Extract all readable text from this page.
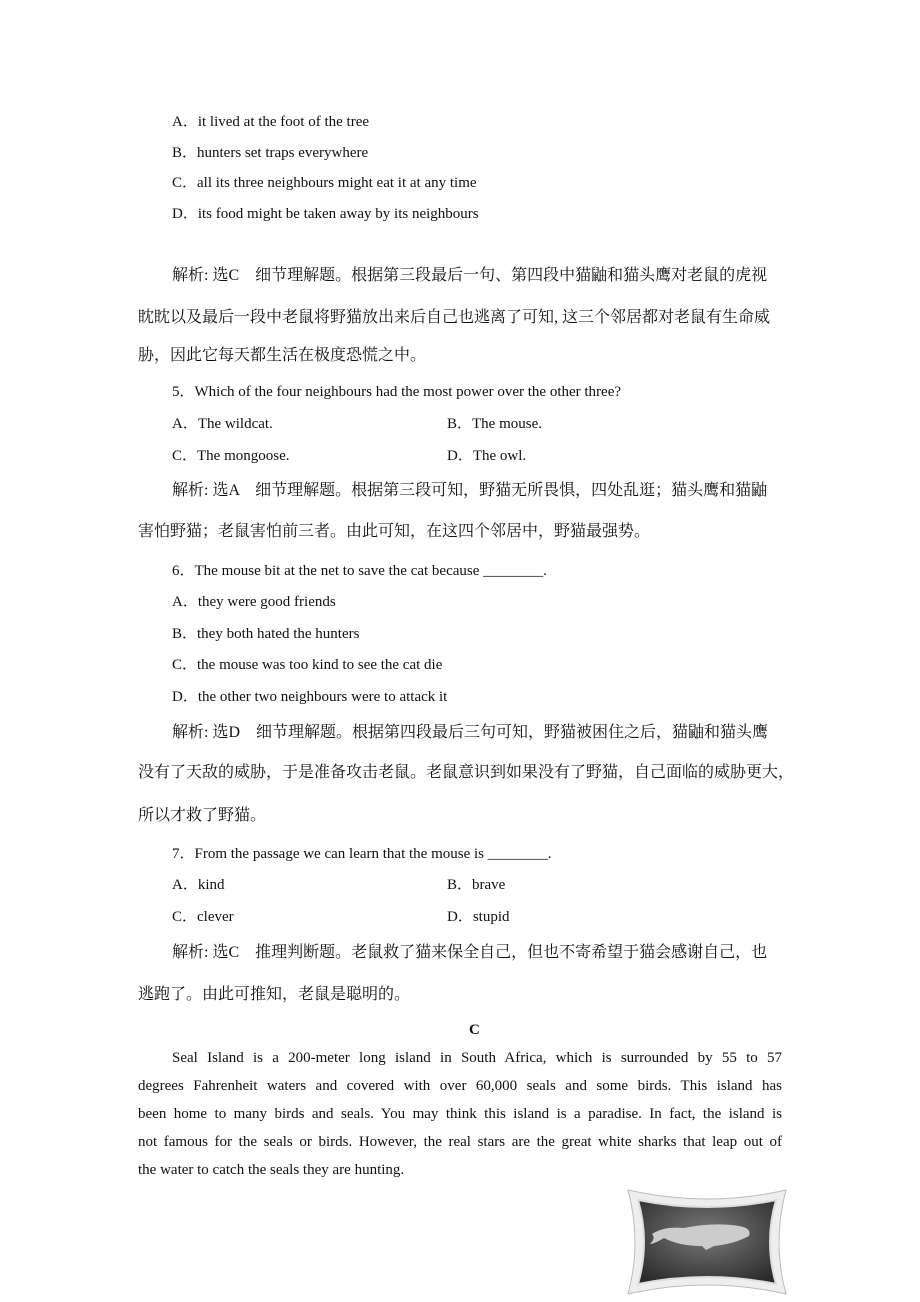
A．it lived at the foot of the tree
B．hunters set traps everywhere
C．all its three neighbours might eat it at any time
D．its food might be taken away by its neighbours
解析: 选C　细节理解题。根据第三段最后一句、第四段中猫鼬和猫头鹰对老鼠的虎视
眈眈以及最后一段中老鼠将野猫放出来后自己也逃离了可知, 这三个邻居都对老鼠有生命威
胁，因此它每天都生活在极度恐慌之中。
5．Which of the four neighbours had the most power over the other three?
A．The wildcat.	B．The mouse.
C．The mongoose.	D．The owl.
解析: 选A　细节理解题。根据第三段可知，野猫无所畏惧，四处乱逛；猫头鹰和猫鼬
害怕野猫；老鼠害怕前三者。由此可知，在这四个邻居中，野猫最强势。
6．The mouse bit at the net to save the cat because ________.
A．they were good friends
B．they both hated the hunters
C．the mouse was too kind to see the cat die
D．the other two neighbours were to attack it
解析: 选D　细节理解题。根据第四段最后三句可知，野猫被困住之后，猫鼬和猫头鹰
没有了天敌的威胁，于是准备攻击老鼠。老鼠意识到如果没有了野猫，自己面临的威胁更大，
所以才救了野猫。
7．From the passage we can learn that the mouse is ________.
A．kind	B．brave
C．clever	D．stupid
解析: 选C　推理判断题。老鼠救了猫来保全自己，但也不寄希望于猫会感谢自己，也
逃跑了。由此可推知，老鼠是聪明的。
C
Seal Island is a 200-meter long island in South Africa, which is surrounded by 55 to 57
degrees Fahrenheit waters and covered with over 60,000 seals and some birds. This island has
been home to many birds and seals. You may think this island is a paradise. In fact, the island is
not famous for the seals or birds. However, the real stars are the great white sharks that leap out of
the water to catch the seals they are hunting.
